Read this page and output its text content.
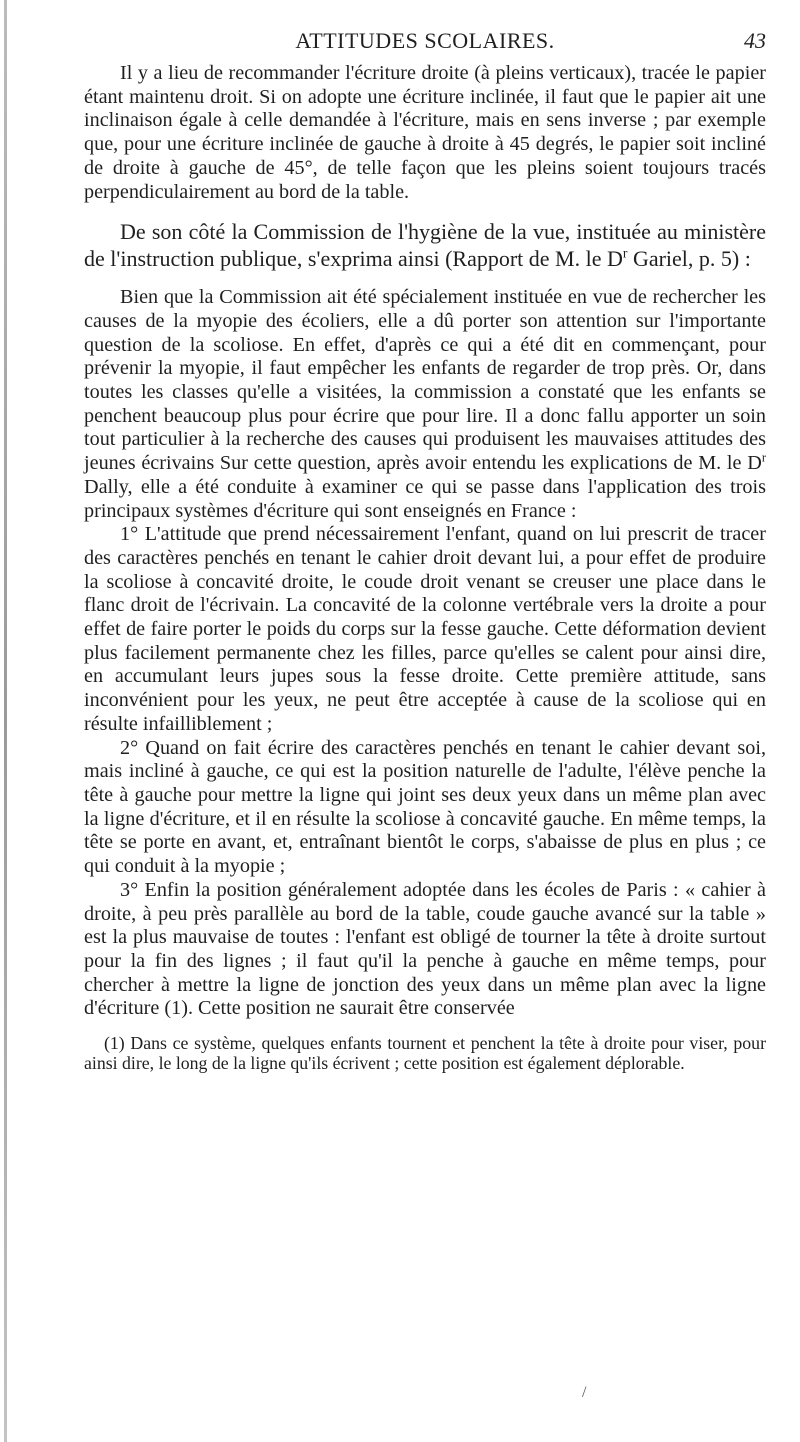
ATTITUDES SCOLAIRES.	43

Il y a lieu de recommander l'écriture droite (à pleins verticaux), tracée le papier étant maintenu droit. Si on adopte une écriture inclinée, il faut que le papier ait une inclinaison égale à celle demandée à l'écriture, mais en sens inverse ; par exemple que, pour une écriture inclinée de gauche à droite à 45 degrés, le papier soit incliné de droite à gauche de 45°, de telle façon que les pleins soient toujours tracés perpendiculairement au bord de la table.

De son côté la Commission de l'hygiène de la vue, instituée au ministère de l'instruction publique, s'exprima ainsi (Rapport de M. le $D^r$ Gariel, p. 5) :

Bien que la Commission ait été spécialement instituée en vue de rechercher les causes de la myopie des écoliers, elle a dû porter son attention sur l'importante question de la scoliose. En effet, d'après ce qui a été dit en commençant, pour prévenir la myopie, il faut empêcher les enfants de regarder de trop près. Or, dans toutes les classes qu'elle a visitées, la commission a constaté que les enfants se penchent beaucoup plus pour écrire que pour lire. Il a donc fallu apporter un soin tout particulier à la recherche des causes qui produisent les mauvaises attitudes des jeunes écrivains Sur cette question, après avoir entendu les explications de M. le $D^r$ Dally, elle a été conduite à examiner ce qui se passe dans l'application des trois principaux systèmes d'écriture qui sont enseignés en France :

1° L'attitude que prend nécessairement l'enfant, quand on lui prescrit de tracer des caractères penchés en tenant le cahier droit devant lui, a pour effet de produire la scoliose à concavité droite, le coude droit venant se creuser une place dans le flanc droit de l'écrivain. La concavité de la colonne vertébrale vers la droite a pour effet de faire porter le poids du corps sur la fesse gauche. Cette déformation devient plus facilement permanente chez les filles, parce qu'elles se calent pour ainsi dire, en accumulant leurs jupes sous la fesse droite. Cette première attitude, sans inconvénient pour les yeux, ne peut être acceptée à cause de la scoliose qui en résulte infailliblement ;

2° Quand on fait écrire des caractères penchés en tenant le cahier devant soi, mais incliné à gauche, ce qui est la position naturelle de l'adulte, l'élève penche la tête à gauche pour mettre la ligne qui joint ses deux yeux dans un même plan avec la ligne d'écriture, et il en résulte la scoliose à concavité gauche. En même temps, la tête se porte en avant, et, entraînant bientôt le corps, s'abaisse de plus en plus ; ce qui conduit à la myopie ;

3° Enfin la position généralement adoptée dans les écoles de Paris : « cahier à droite, à peu près parallèle au bord de la table, coude gauche avancé sur la table » est la plus mauvaise de toutes : l'enfant est obligé de tourner la tête à droite surtout pour la fin des lignes ; il faut qu'il la penche à gauche en même temps, pour chercher à mettre la ligne de jonction des yeux dans un même plan avec la ligne d'écriture (1). Cette position ne saurait être conservée

(1) Dans ce système, quelques enfants tournent et penchent la tête à droite pour viser, pour ainsi dire, le long de la ligne qu'ils écrivent ; cette position est également déplorable.

/
